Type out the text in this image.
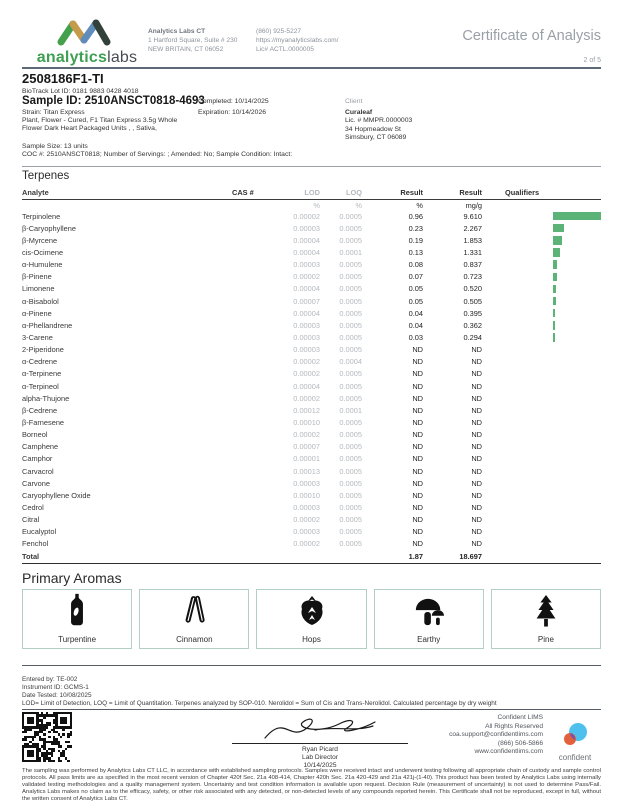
analyticslabs
Analytics Labs CT
1 Hartford Square, Suite # 230
NEW BRITAIN, CT 06052
(860) 925-5227
https://myanalyticslabs.com/
Lic# ACTL.0000005
Certificate of Analysis
2 of 5
2508186F1-TI
BioTrack Lot ID: 0181 9883 0428 4018
Sample ID: 2510ANSCT0818-4693
Strain: Titan Express
Plant, Flower - Cured, F1 Titan Express 3.5g Whole
Flower Dark Heart Packaged Units , , Sativa,
Completed: 10/14/2025
Expiration: 10/14/2026
Client
Curaleaf
Lic. # MMPR.0000003
34 Hopmeadow St
Simsbury, CT 06089
Sample Size: 13 units
COC #: 2510ANSCT0818; Number of Servings: ; Amended: No; Sample Condition: Intact:
Terpenes
Analyte	CAS #	LOD	LOQ	Result	Result	Qualifiers
%	%	%	mg/g
Terpinolene	0.00002	0.0005	0.96	9.610
β-Caryophyllene	0.00003	0.0005	0.23	2.267
β-Myrcene	0.00004	0.0005	0.19	1.853
cis-Ocimene	0.00004	0.0001	0.13	1.331
α-Humulene	0.00003	0.0005	0.08	0.837
β-Pinene	0.00002	0.0005	0.07	0.723
Limonene	0.00004	0.0005	0.05	0.520
α-Bisabolol	0.00007	0.0005	0.05	0.505
α-Pinene	0.00004	0.0005	0.04	0.395
α-Phellandrene	0.00003	0.0005	0.04	0.362
3-Carene	0.00003	0.0005	0.03	0.294
2-Piperidone	0.00003	0.0005	ND	ND
α-Cedrene	0.00002	0.0004	ND	ND
α-Terpinene	0.00002	0.0005	ND	ND
α-Terpineol	0.00004	0.0005	ND	ND
alpha-Thujone	0.00002	0.0005	ND	ND
β-Cedrene	0.00012	0.0001	ND	ND
β-Farnesene	0.00010	0.0005	ND	ND
Borneol	0.00002	0.0005	ND	ND
Camphene	0.00007	0.0005	ND	ND
Camphor	0.00001	0.0005	ND	ND
Carvacrol	0.00013	0.0005	ND	ND
Carvone	0.00003	0.0005	ND	ND
Caryophyllene Oxide	0.00010	0.0005	ND	ND
Cedrol	0.00003	0.0005	ND	ND
Citral	0.00002	0.0005	ND	ND
Eucalyptol	0.00003	0.0005	ND	ND
Fenchol	0.00002	0.0005	ND	ND
Total	1.87	18.697
Primary Aromas
Turpentine	Cinnamon	Hops	Earthy	Pine
Entered by: TE-002
Instrument ID: GCMS-1
Date Tested: 10/08/2025
LOD= Limit of Detection, LOQ = Limit of Quantitation. Terpenes analyzed by SOP-010. Nerolidol = Sum of Cis and Trans-Nerolidol. Calculated percentage by dry weight
Ryan Picard
Lab Director
10/14/2025
Confident LIMS
All Rights Reserved
coa.support@confidentlims.com
(866) 506-5866
www.confidentlims.com
confident
The sampling was performed by Analytics Labs CT LLC, in accordance with established sampling protocols. Samples were received intact and underwent testing following all appropriate chain of custody and sample control protocols. All pass limits are as specified in the most recent version of Chapter 420f Sec. 21a 408-414, Chapter 420h Sec. 21a 420-429 and 21a 421j-(1-40). This product has been tested by Analytics Labs using internally validated testing methodologies and a quality management system. Uncertainty and test condition information is available upon request. Decision Rule (measurement of uncertainty) is not used to determine Pass/Fail. Analytics Labs makes no claim as to the efficacy, safety, or other risk associated with any detected, or non-detected levels of any compounds reported herein. This Certificate shall not be reproduced, except in full, without the written consent of Analytics Labs CT.
